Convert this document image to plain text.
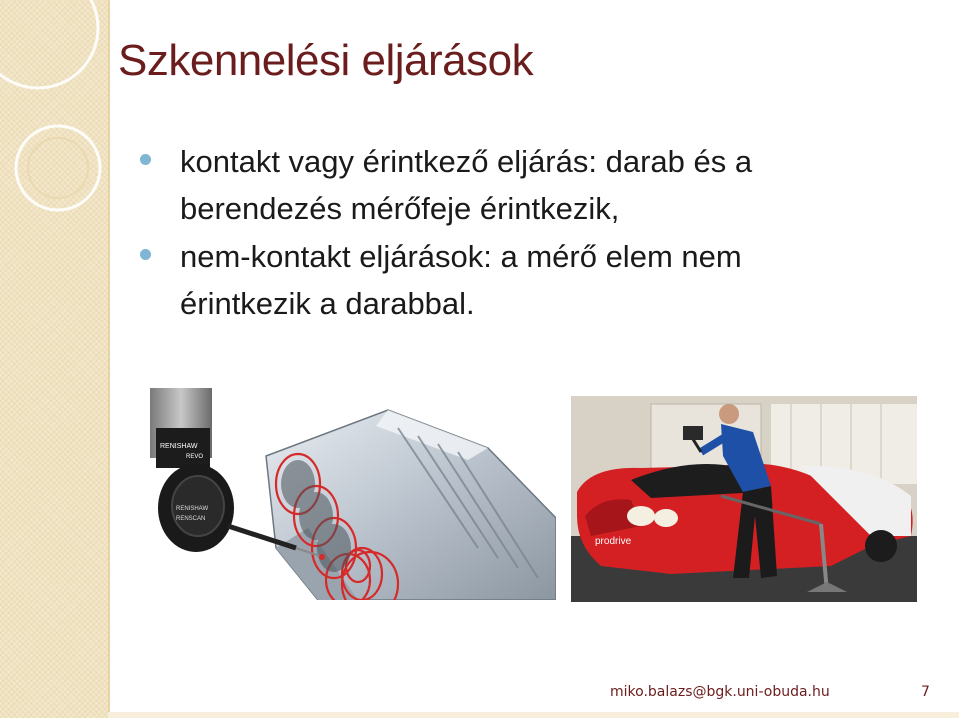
Szkennelési eljárások
kontakt vagy érintkező eljárás: darab és a berendezés mérőfeje érintkezik,
nem-kontakt eljárások: a mérő elem nem érintkezik a darabbal.
RENISHAW
REVO
RENISHAW
RENSCAN
prodrive
miko.balazs@bgk.uni-obuda.hu	7
